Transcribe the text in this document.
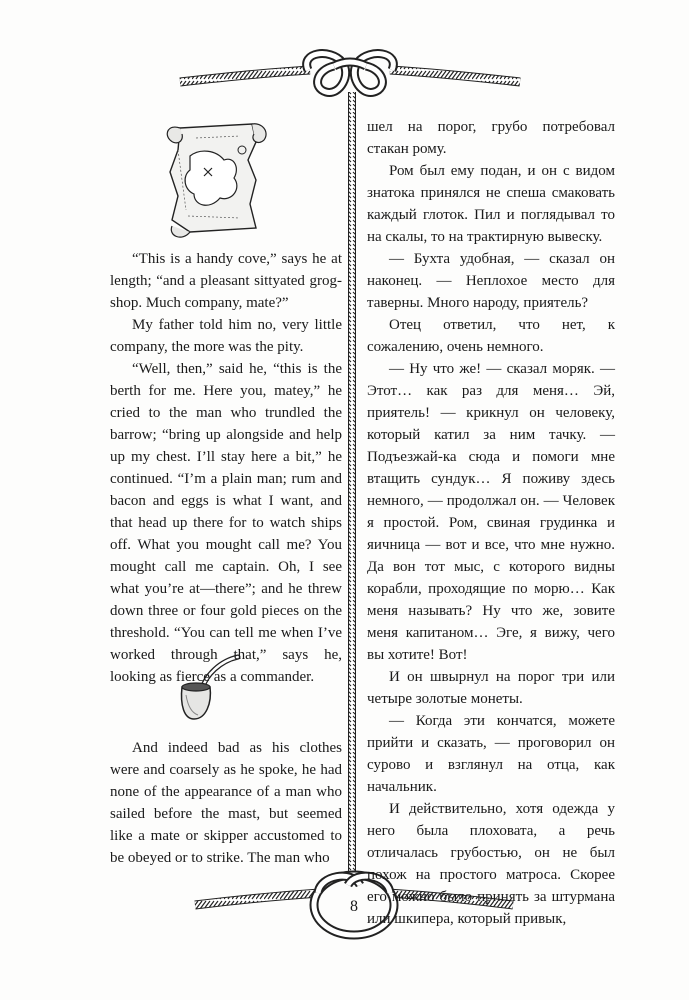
8

“This is a handy cove,” says he at length; “and a pleasant sittyated grog-shop. Much company, mate?”

My father told him no, very little company, the more was the pity.

“Well, then,” said he, “this is the berth for me. Here you, matey,” he cried to the man who trundled the barrow; “bring up alongside and help up my chest. I’ll stay here a bit,” he continued. “I’m a plain man; rum and bacon and eggs is what I want, and that head up there for to watch ships off. What you mought call me? You mought call me captain. Oh, I see what you’re at—there”; and he threw down three or four gold pieces on the threshold. “You can tell me when I’ve worked through that,” says he, looking as fierce as a commander.

And indeed bad as his clothes were and coarsely as he spoke, he had none of the appearance of a man who sailed before the mast, but seemed like a mate or skipper accustomed to be obeyed or to strike. The man who

шел на порог, грубо потребовал стакан рому.

Ром был ему подан, и он с видом знатока принялся не спеша смаковать каждый глоток. Пил и поглядывал то на скалы, то на трактирную вывеску.

— Бухта удобная, — сказал он наконец. — Неплохое место для таверны. Много народу, приятель?

Отец ответил, что нет, к сожалению, очень немного.

— Ну что же! — сказал моряк. — Этот… как раз для меня… Эй, приятель! — крикнул он человеку, который катил за ним тачку. — Подъезжай-ка сюда и помоги мне втащить сундук… Я поживу здесь немного, — продолжал он. — Человек я простой. Ром, свиная грудинка и яичница — вот и все, что мне нужно. Да вон тот мыс, с которого видны корабли, проходящие по морю… Как меня называть? Ну что же, зовите меня капитаном… Эге, я вижу, чего вы хотите! Вот!

И он швырнул на порог три или четыре золотые монеты.

— Когда эти кончатся, можете прийти и сказать, — проговорил он сурово и взглянул на отца, как начальник.

И действительно, хотя одежда у него была плоховата, а речь отличалась грубостью, он не был похож на простого матроса. Скорее его можно было принять за штурмана или шкипера, который привык,
